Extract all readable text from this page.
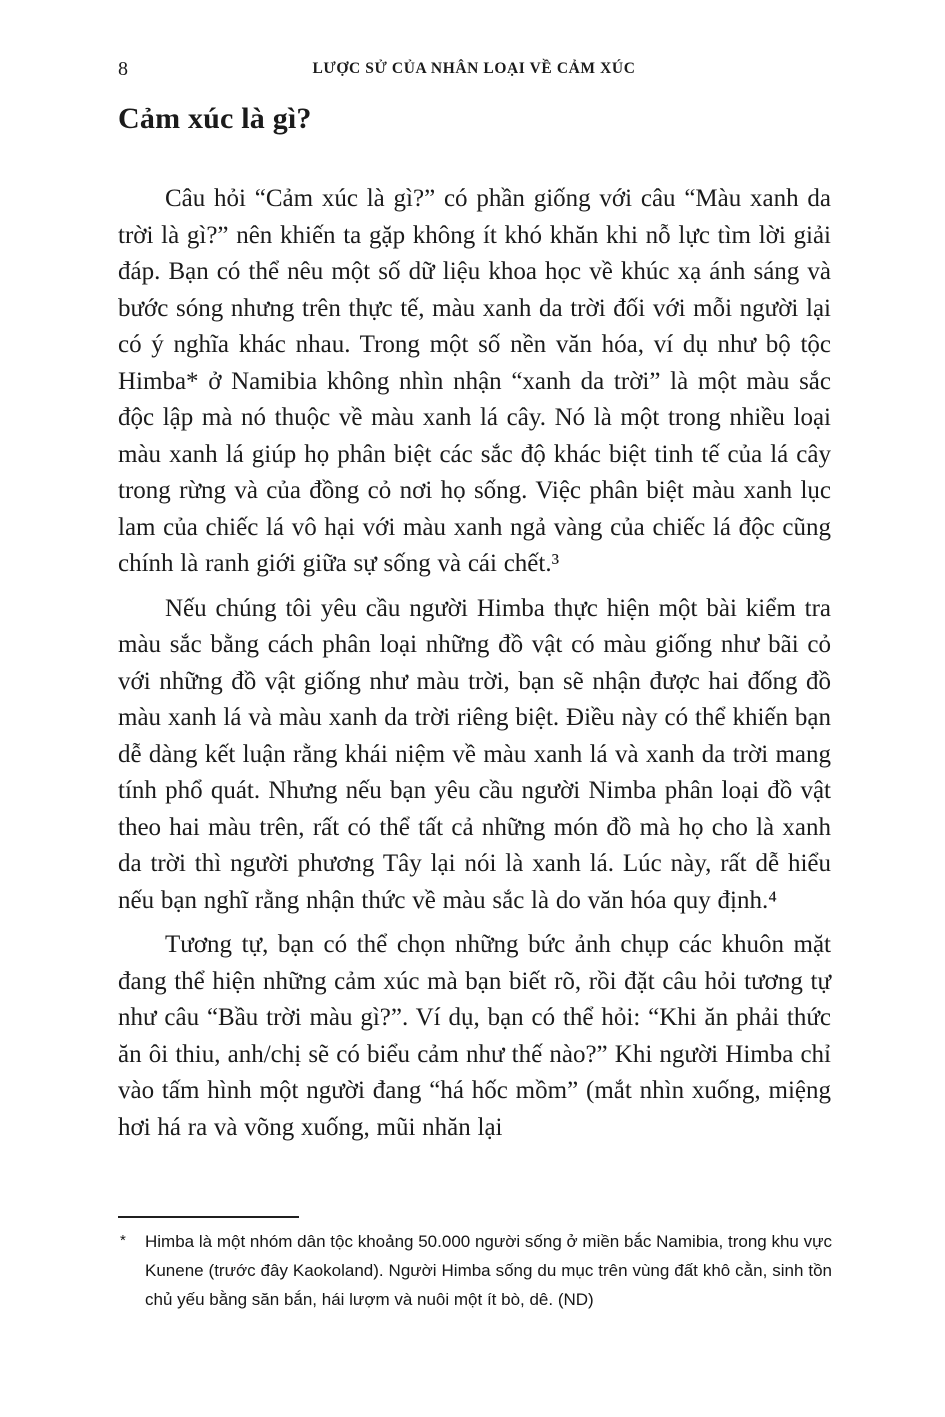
8	LƯỢC SỬ CỦA NHÂN LOẠI VỀ CẢM XÚC
Cảm xúc là gì?

Câu hỏi “Cảm xúc là gì?” có phần giống với câu “Màu xanh da trời là gì?” nên khiến ta gặp không ít khó khăn khi nỗ lực tìm lời giải đáp. Bạn có thể nêu một số dữ liệu khoa học về khúc xạ ánh sáng và bước sóng nhưng trên thực tế, màu xanh da trời đối với mỗi người lại có ý nghĩa khác nhau. Trong một số nền văn hóa, ví dụ như bộ tộc Himba* ở Namibia không nhìn nhận “xanh da trời” là một màu sắc độc lập mà nó thuộc về màu xanh lá cây. Nó là một trong nhiều loại màu xanh lá giúp họ phân biệt các sắc độ khác biệt tinh tế của lá cây trong rừng và của đồng cỏ nơi họ sống. Việc phân biệt màu xanh lục lam của chiếc lá vô hại với màu xanh ngả vàng của chiếc lá độc cũng chính là ranh giới giữa sự sống và cái chết.³

Nếu chúng tôi yêu cầu người Himba thực hiện một bài kiểm tra màu sắc bằng cách phân loại những đồ vật có màu giống như bãi cỏ với những đồ vật giống như màu trời, bạn sẽ nhận được hai đống đồ màu xanh lá và màu xanh da trời riêng biệt. Điều này có thể khiến bạn dễ dàng kết luận rằng khái niệm về màu xanh lá và xanh da trời mang tính phổ quát. Nhưng nếu bạn yêu cầu người Nimba phân loại đồ vật theo hai màu trên, rất có thể tất cả những món đồ mà họ cho là xanh da trời thì người phương Tây lại nói là xanh lá. Lúc này, rất dễ hiểu nếu bạn nghĩ rằng nhận thức về màu sắc là do văn hóa quy định.⁴

Tương tự, bạn có thể chọn những bức ảnh chụp các khuôn mặt đang thể hiện những cảm xúc mà bạn biết rõ, rồi đặt câu hỏi tương tự như câu “Bầu trời màu gì?”. Ví dụ, bạn có thể hỏi: “Khi ăn phải thức ăn ôi thiu, anh/chị sẽ có biểu cảm như thế nào?” Khi người Himba chỉ vào tấm hình một người đang “há hốc mồm” (mắt nhìn xuống, miệng hơi há ra và võng xuống, mũi nhăn lại

* Himba là một nhóm dân tộc khoảng 50.000 người sống ở miền bắc Namibia, trong khu vực Kunene (trước đây Kaokoland). Người Himba sống du mục trên vùng đất khô cằn, sinh tồn chủ yếu bằng săn bắn, hái lượm và nuôi một ít bò, dê. (ND)
